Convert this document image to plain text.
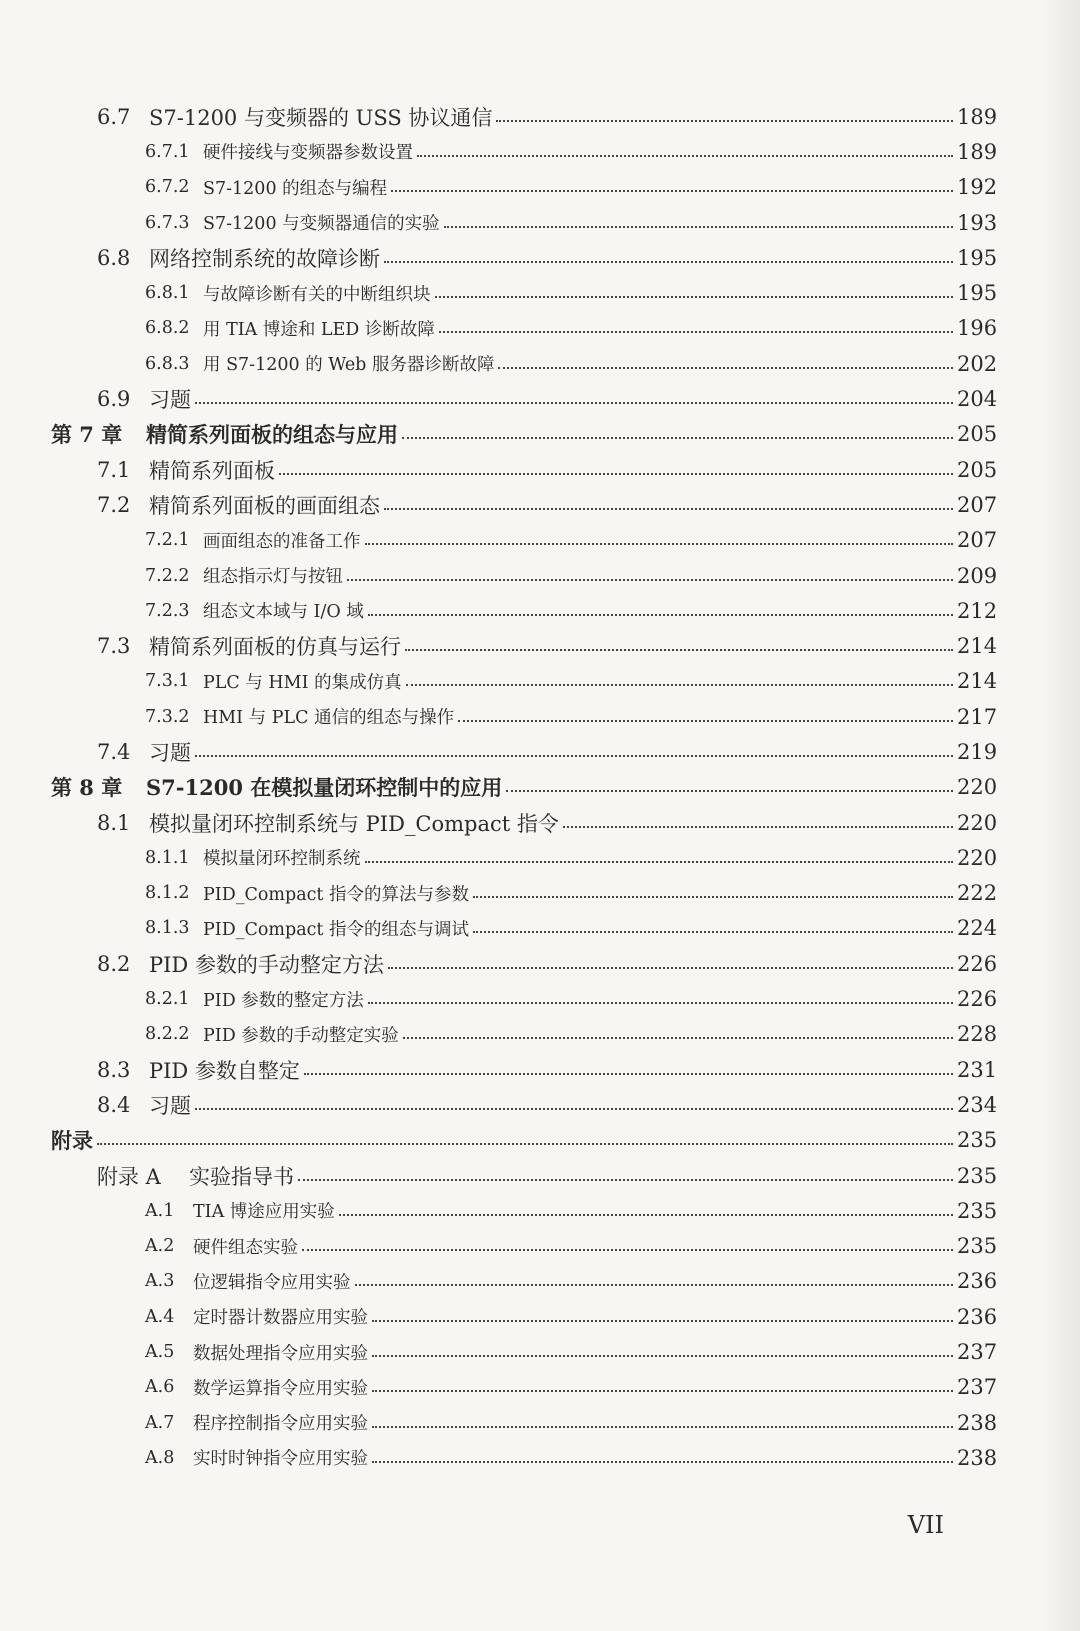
6.7 S7-1200 与变频器的 USS 协议通信	189
6.7.1 硬件接线与变频器参数设置	189
6.7.2 S7-1200 的组态与编程	192
6.7.3 S7-1200 与变频器通信的实验	193
6.8 网络控制系统的故障诊断	195
6.8.1 与故障诊断有关的中断组织块	195
6.8.2 用 TIA 博途和 LED 诊断故障	196
6.8.3 用 S7-1200 的 Web 服务器诊断故障	202
6.9 习题	204
第 7 章	精简系列面板的组态与应用	205
7.1 精简系列面板	205
7.2 精简系列面板的画面组态	207
7.2.1 画面组态的准备工作	207
7.2.2 组态指示灯与按钮	209
7.2.3 组态文本域与 I/O 域	212
7.3 精简系列面板的仿真与运行	214
7.3.1 PLC 与 HMI 的集成仿真	214
7.3.2 HMI 与 PLC 通信的组态与操作	217
7.4 习题	219
第 8 章	S7-1200 在模拟量闭环控制中的应用	220
8.1 模拟量闭环控制系统与 PID_Compact 指令	220
8.1.1 模拟量闭环控制系统	220
8.1.2 PID_Compact 指令的算法与参数	222
8.1.3 PID_Compact 指令的组态与调试	224
8.2 PID 参数的手动整定方法	226
8.2.1 PID 参数的整定方法	226
8.2.2 PID 参数的手动整定实验	228
8.3 PID 参数自整定	231
8.4 习题	234
附录	235
附录 A	实验指导书	235
A.1	TIA 博途应用实验	235
A.2	硬件组态实验	235
A.3	位逻辑指令应用实验	236
A.4	定时器计数器应用实验	236
A.5	数据处理指令应用实验	237
A.6	数学运算指令应用实验	237
A.7	程序控制指令应用实验	238
A.8	实时时钟指令应用实验	238
VII
